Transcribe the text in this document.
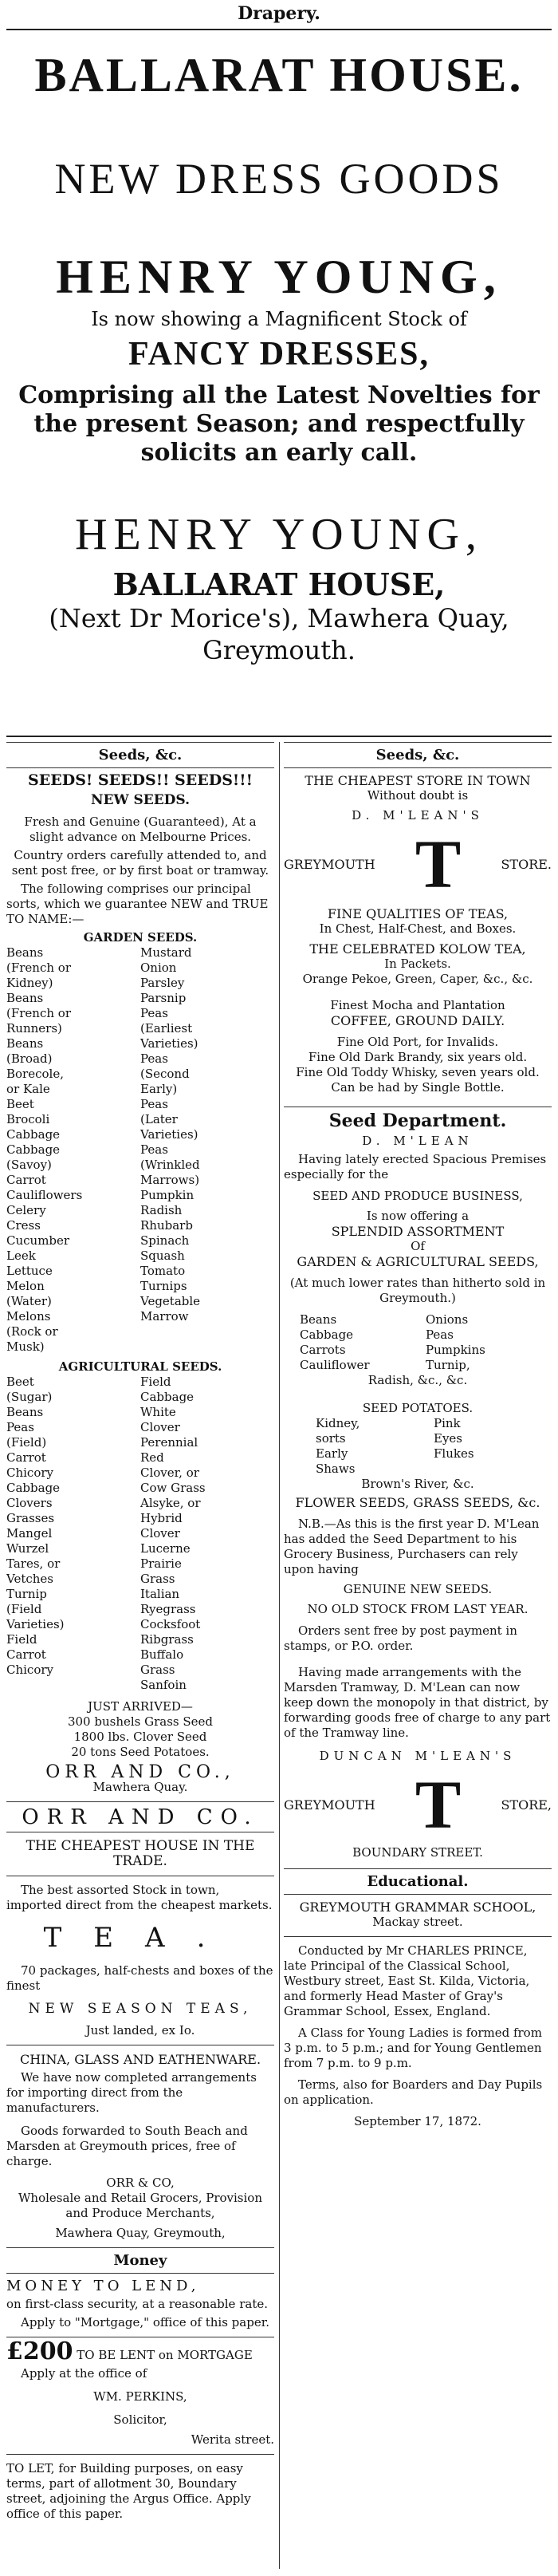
Drapery.
BALLARAT HOUSE.
NEW DRESS GOODS
HENRY YOUNG,
Is now showing a Magnificent Stock of
FANCY DRESSES,
Comprising all the Latest Novelties for the present Season; and respectfully solicits an early call.
HENRY YOUNG,
BALLARAT HOUSE,
(Next Dr Morice's), Mawhera Quay,
Greymouth.
Seeds, &c.
SEEDS! SEEDS!! SEEDS!!!
NEW SEEDS.
Fresh and Genuine (Guaranteed), At a slight advance on Melbourne Prices.
Country orders carefully attended to, and sent post free, or by first boat or tramway.
The following comprises our principal sorts, which we guarantee NEW and TRUE TO NAME:—
GARDEN SEEDS.
Beans (French or Kidney)
Beans (French or Runners)
Beans (Broad)
Borecole, or Kale
Beet
Brocoli
Cabbage
Cabbage (Savoy)
Carrot
Cauliflowers
Celery
Cress
Cucumber
Leek
Lettuce
Melon (Water)
Melons (Rock or Musk)
Mustard
Onion
Parsley
Parsnip
Peas (Earliest Varieties)
Peas (Second Early)
Peas (Later Varieties)
Peas (Wrinkled Marrows)
Pumpkin
Radish
Rhubarb
Spinach
Squash
Tomato
Turnips
Vegetable Marrow
AGRICULTURAL SEEDS.
Beet (Sugar)
Beans
Peas (Field)
Carrot
Chicory
Cabbage
Clovers
Grasses
Mangel Wurzel
Tares, or Vetches
Turnip (Field Varieties)
Field Carrot
Chicory
Field Cabbage
White Clover
Perennial Red Clover, or Cow Grass
Alsyke, or Hybrid Clover
Lucerne
Prairie Grass
Italian Ryegrass
Cocksfoot
Ribgrass
Buffalo Grass
Sanfoin
JUST ARRIVED—
300 bushels Grass Seed
1800 lbs. Clover Seed
20 tons Seed Potatoes.
ORR AND CO.,
Mawhera Quay.
ORR AND CO.
THE CHEAPEST HOUSE IN THE TRADE.
The best assorted Stock in town, imported direct from the cheapest markets.
TEA.
70 packages, half-chests and boxes of the finest
NEW SEASON TEAS,
Just landed, ex Io.
CHINA, GLASS AND EATHENWARE.
We have now completed arrangements for importing direct from the manufacturers.
Goods forwarded to South Beach and Marsden at Greymouth prices, free of charge.
ORR & CO,
Wholesale and Retail Grocers, Provision and Produce Merchants,
Mawhera Quay, Greymouth,
Money
MONEY TO LEND,
on first-class security, at a reasonable rate.
Apply to "Mortgage," office of this paper.
£200 TO BE LENT on MORTGAGE
Apply at the office of
WM. PERKINS,
Solicitor,
Werita street.
TO LET, for Building purposes, on easy terms, part of allotment 30, Boundary street, adjoining the Argus Office. Apply office of this paper.
Seeds, &c.
THE CHEAPEST STORE IN TOWN
Without doubt is
D. M'LEAN'S
GREYMOUTH T	STORE.
FINE QUALITIES OF TEAS,
In Chest, Half-Chest, and Boxes.
THE CELEBRATED KOLOW TEA,
In Packets.
Orange Pekoe, Green, Caper, &c., &c.
Finest Mocha and Plantation
COFFEE, GROUND DAILY.
Fine Old Port, for Invalids.
Fine Old Dark Brandy, six years old.
Fine Old Toddy Whisky, seven years old.
Can be had by Single Bottle.
Seed Department.
D. M'LEAN
Having lately erected Spacious Premises especially for the
SEED AND PRODUCE BUSINESS,
Is now offering a
SPLENDID ASSORTMENT
Of
GARDEN & AGRICULTURAL SEEDS,
(At much lower rates than hitherto sold in Greymouth.)
Beans
Cabbage
Carrots
Cauliflower
Onions
Peas
Pumpkins
Turnip,
Radish, &c., &c.
SEED POTATOES.
Kidney, sorts
Early Shaws
Pink Eyes
Flukes
Brown's River, &c.
FLOWER SEEDS, GRASS SEEDS, &c.
N.B.—As this is the first year D. M'Lean has added the Seed Department to his Grocery Business, Purchasers can rely upon having
GENUINE NEW SEEDS.
NO OLD STOCK FROM LAST YEAR.
Orders sent free by post payment in stamps, or P.O. order.
Having made arrangements with the Marsden Tramway, D. M'Lean can now keep down the monopoly in that district, by forwarding goods free of charge to any part of the Tramway line.
DUNCAN M'LEAN'S
GREYMOUTH T	STORE,
BOUNDARY STREET.
Educational.
GREYMOUTH GRAMMAR SCHOOL,
Mackay street.
Conducted by Mr CHARLES PRINCE, late Principal of the Classical School, Westbury street, East St. Kilda, Victoria, and formerly Head Master of Gray's Grammar School, Essex, England.
A Class for Young Ladies is formed from 3 p.m. to 5 p.m.; and for Young Gentlemen from 7 p.m. to 9 p.m.
Terms, also for Boarders and Day Pupils on application.
September 17, 1872.
